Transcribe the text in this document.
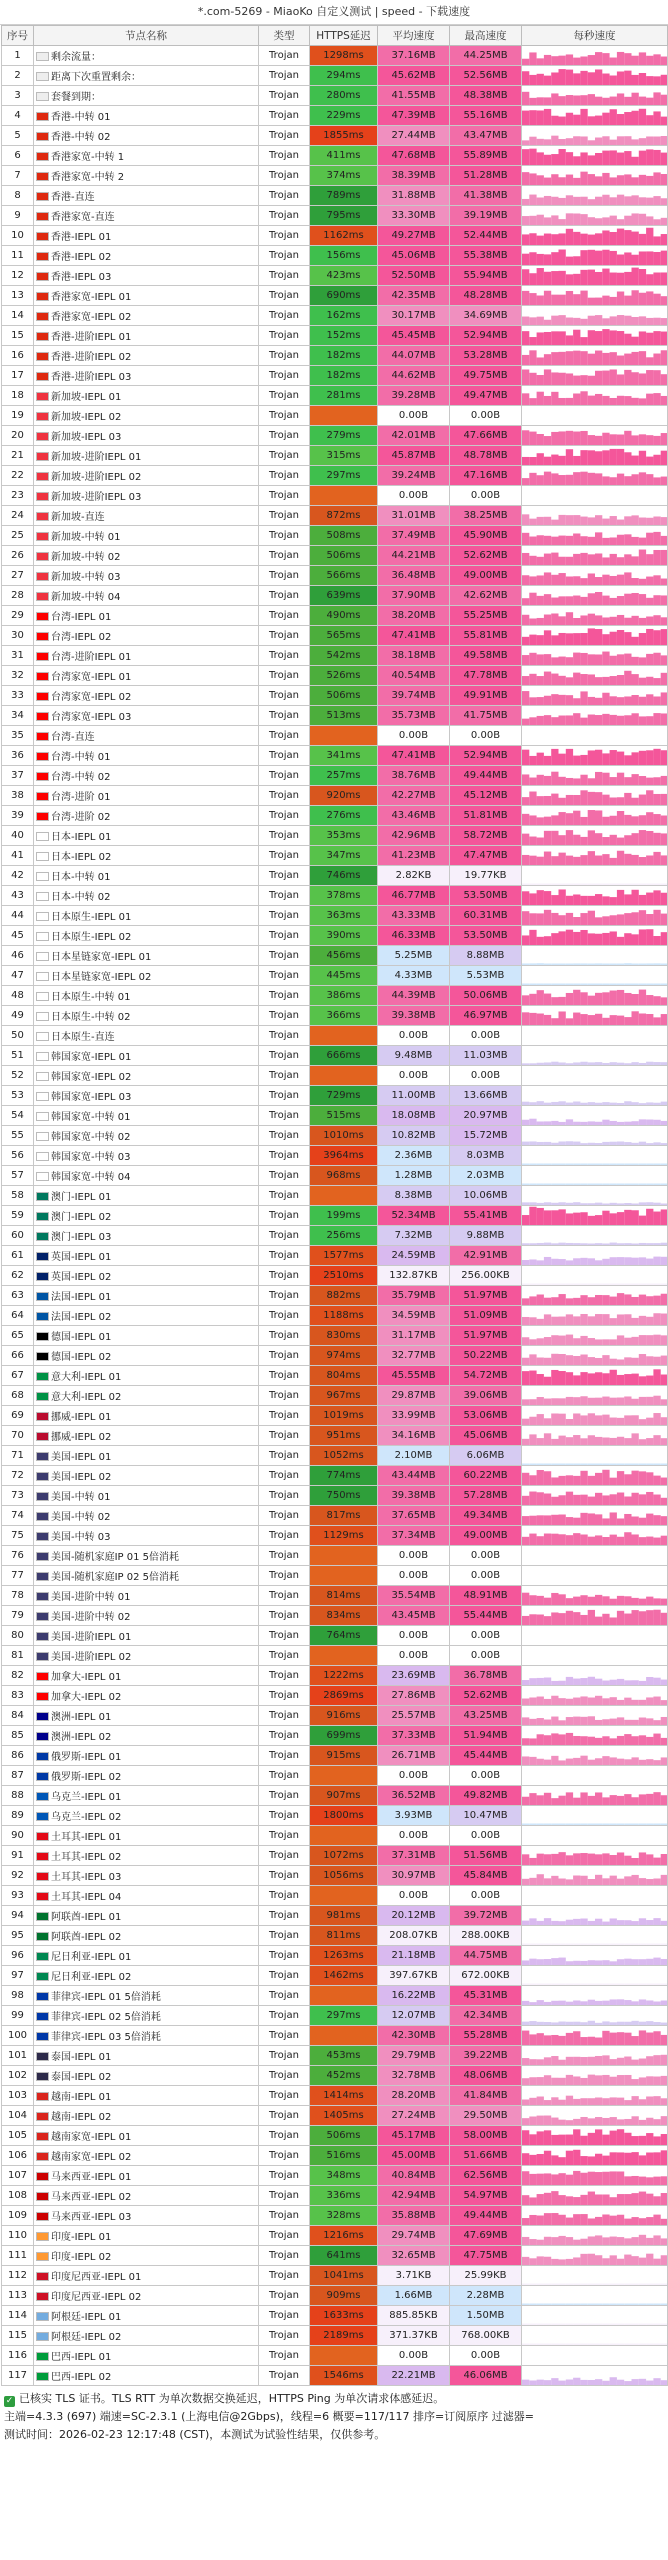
*.com-5269 - MiaoKo 自定义测试 | speed - 下载速度
序号	节点名称	类型	HTTPS延迟	平均速度	最高速度	每秒速度
1	剩余流量：	Trojan	1298ms	37.16MB	44.25MB	

2	距离下次重置剩余：	Trojan	294ms	45.62MB	52.56MB	

3	套餐到期：	Trojan	280ms	41.55MB	48.38MB	

4	香港-中转 01	Trojan	229ms	47.39MB	55.16MB	

5	香港-中转 02	Trojan	1855ms	27.44MB	43.47MB	

6	香港家宽-中转 1	Trojan	411ms	47.68MB	55.89MB	

7	香港家宽-中转 2	Trojan	374ms	38.39MB	51.28MB	

8	香港-直连	Trojan	789ms	31.88MB	41.38MB	

9	香港家宽-直连	Trojan	795ms	33.30MB	39.19MB	

10	香港-IEPL 01	Trojan	1162ms	49.27MB	52.44MB	

11	香港-IEPL 02	Trojan	156ms	45.06MB	55.38MB	

12	香港-IEPL 03	Trojan	423ms	52.50MB	55.94MB	

13	香港家宽-IEPL 01	Trojan	690ms	42.35MB	48.28MB	

14	香港家宽-IEPL 02	Trojan	162ms	30.17MB	34.69MB	

15	香港-进阶IEPL 01	Trojan	152ms	45.45MB	52.94MB	

16	香港-进阶IEPL 02	Trojan	182ms	44.07MB	53.28MB	

17	香港-进阶IEPL 03	Trojan	182ms	44.62MB	49.75MB	

18	新加坡-IEPL 01	Trojan	281ms	39.28MB	49.47MB	

19	新加坡-IEPL 02	Trojan		0.00B	0.00B	

20	新加坡-IEPL 03	Trojan	279ms	42.01MB	47.66MB	

21	新加坡-进阶IEPL 01	Trojan	315ms	45.87MB	48.78MB	

22	新加坡-进阶IEPL 02	Trojan	297ms	39.24MB	47.16MB	

23	新加坡-进阶IEPL 03	Trojan		0.00B	0.00B	

24	新加坡-直连	Trojan	872ms	31.01MB	38.25MB	

25	新加坡-中转 01	Trojan	508ms	37.49MB	45.90MB	

26	新加坡-中转 02	Trojan	506ms	44.21MB	52.62MB	

27	新加坡-中转 03	Trojan	566ms	36.48MB	49.00MB	

28	新加坡-中转 04	Trojan	639ms	37.90MB	42.62MB	

29	台湾-IEPL 01	Trojan	490ms	38.20MB	55.25MB	

30	台湾-IEPL 02	Trojan	565ms	47.41MB	55.81MB	

31	台湾-进阶IEPL 01	Trojan	542ms	38.18MB	49.58MB	

32	台湾家宽-IEPL 01	Trojan	526ms	40.54MB	47.78MB	

33	台湾家宽-IEPL 02	Trojan	506ms	39.74MB	49.91MB	

34	台湾家宽-IEPL 03	Trojan	513ms	35.73MB	41.75MB	

35	台湾-直连	Trojan		0.00B	0.00B	

36	台湾-中转 01	Trojan	341ms	47.41MB	52.94MB	

37	台湾-中转 02	Trojan	257ms	38.76MB	49.44MB	

38	台湾-进阶 01	Trojan	920ms	42.27MB	45.12MB	

39	台湾-进阶 02	Trojan	276ms	43.46MB	51.81MB	

40	日本-IEPL 01	Trojan	353ms	42.96MB	58.72MB	

41	日本-IEPL 02	Trojan	347ms	41.23MB	47.47MB	

42	日本-中转 01	Trojan	746ms	2.82KB	19.77KB	

43	日本-中转 02	Trojan	378ms	46.77MB	53.50MB	

44	日本原生-IEPL 01	Trojan	363ms	43.33MB	60.31MB	

45	日本原生-IEPL 02	Trojan	390ms	46.33MB	53.50MB	

46	日本星链家宽-IEPL 01	Trojan	456ms	5.25MB	8.88MB	

47	日本星链家宽-IEPL 02	Trojan	445ms	4.33MB	5.53MB	

48	日本原生-中转 01	Trojan	386ms	44.39MB	50.06MB	

49	日本原生-中转 02	Trojan	366ms	39.38MB	46.97MB	

50	日本原生-直连	Trojan		0.00B	0.00B	

51	韩国家宽-IEPL 01	Trojan	666ms	9.48MB	11.03MB	

52	韩国家宽-IEPL 02	Trojan		0.00B	0.00B	

53	韩国家宽-IEPL 03	Trojan	729ms	11.00MB	13.66MB	

54	韩国家宽-中转 01	Trojan	515ms	18.08MB	20.97MB	

55	韩国家宽-中转 02	Trojan	1010ms	10.82MB	15.72MB	

56	韩国家宽-中转 03	Trojan	3964ms	2.36MB	8.03MB	

57	韩国家宽-中转 04	Trojan	968ms	1.28MB	2.03MB	

58	澳门-IEPL 01	Trojan		8.38MB	10.06MB	

59	澳门-IEPL 02	Trojan	199ms	52.34MB	55.41MB	

60	澳门-IEPL 03	Trojan	256ms	7.32MB	9.88MB	

61	英国-IEPL 01	Trojan	1577ms	24.59MB	42.91MB	

62	英国-IEPL 02	Trojan	2510ms	132.87KB	256.00KB	

63	法国-IEPL 01	Trojan	882ms	35.79MB	51.97MB	

64	法国-IEPL 02	Trojan	1188ms	34.59MB	51.09MB	

65	德国-IEPL 01	Trojan	830ms	31.17MB	51.97MB	

66	德国-IEPL 02	Trojan	974ms	32.77MB	50.22MB	

67	意大利-IEPL 01	Trojan	804ms	45.55MB	54.72MB	

68	意大利-IEPL 02	Trojan	967ms	29.87MB	39.06MB	

69	挪威-IEPL 01	Trojan	1019ms	33.99MB	53.06MB	

70	挪威-IEPL 02	Trojan	951ms	34.16MB	45.06MB	

71	美国-IEPL 01	Trojan	1052ms	2.10MB	6.06MB	

72	美国-IEPL 02	Trojan	774ms	43.44MB	60.22MB	

73	美国-中转 01	Trojan	750ms	39.38MB	57.28MB	

74	美国-中转 02	Trojan	817ms	37.65MB	49.34MB	

75	美国-中转 03	Trojan	1129ms	37.34MB	49.00MB	

76	美国-随机家庭IP 01 5倍消耗	Trojan		0.00B	0.00B	

77	美国-随机家庭IP 02 5倍消耗	Trojan		0.00B	0.00B	

78	美国-进阶中转 01	Trojan	814ms	35.54MB	48.91MB	

79	美国-进阶中转 02	Trojan	834ms	43.45MB	55.44MB	

80	美国-进阶IEPL 01	Trojan	764ms	0.00B	0.00B	

81	美国-进阶IEPL 02	Trojan		0.00B	0.00B	

82	加拿大-IEPL 01	Trojan	1222ms	23.69MB	36.78MB	

83	加拿大-IEPL 02	Trojan	2869ms	27.86MB	52.62MB	

84	澳洲-IEPL 01	Trojan	916ms	25.57MB	43.25MB	

85	澳洲-IEPL 02	Trojan	699ms	37.33MB	51.94MB	

86	俄罗斯-IEPL 01	Trojan	915ms	26.71MB	45.44MB	

87	俄罗斯-IEPL 02	Trojan		0.00B	0.00B	

88	乌克兰-IEPL 01	Trojan	907ms	36.52MB	49.82MB	

89	乌克兰-IEPL 02	Trojan	1800ms	3.93MB	10.47MB	

90	土耳其-IEPL 01	Trojan		0.00B	0.00B	

91	土耳其-IEPL 02	Trojan	1072ms	37.31MB	51.56MB	

92	土耳其-IEPL 03	Trojan	1056ms	30.97MB	45.84MB	

93	土耳其-IEPL 04	Trojan		0.00B	0.00B	

94	阿联酋-IEPL 01	Trojan	981ms	20.12MB	39.72MB	

95	阿联酋-IEPL 02	Trojan	811ms	208.07KB	288.00KB	

96	尼日利亚-IEPL 01	Trojan	1263ms	21.18MB	44.75MB	

97	尼日利亚-IEPL 02	Trojan	1462ms	397.67KB	672.00KB	

98	菲律宾-IEPL 01 5倍消耗	Trojan		16.22MB	45.31MB	

99	菲律宾-IEPL 02 5倍消耗	Trojan	297ms	12.07MB	42.34MB	

100	菲律宾-IEPL 03 5倍消耗	Trojan		42.30MB	55.28MB	

101	泰国-IEPL 01	Trojan	453ms	29.79MB	39.22MB	

102	泰国-IEPL 02	Trojan	452ms	32.78MB	48.06MB	

103	越南-IEPL 01	Trojan	1414ms	28.20MB	41.84MB	

104	越南-IEPL 02	Trojan	1405ms	27.24MB	29.50MB	

105	越南家宽-IEPL 01	Trojan	506ms	45.17MB	58.00MB	

106	越南家宽-IEPL 02	Trojan	516ms	45.00MB	51.66MB	

107	马来西亚-IEPL 01	Trojan	348ms	40.84MB	62.56MB	

108	马来西亚-IEPL 02	Trojan	336ms	42.94MB	54.97MB	

109	马来西亚-IEPL 03	Trojan	328ms	35.88MB	49.44MB	

110	印度-IEPL 01	Trojan	1216ms	29.74MB	47.69MB	

111	印度-IEPL 02	Trojan	641ms	32.65MB	47.75MB	

112	印度尼西亚-IEPL 01	Trojan	1041ms	3.71KB	25.99KB	

113	印度尼西亚-IEPL 02	Trojan	909ms	1.66MB	2.28MB	

114	阿根廷-IEPL 01	Trojan	1633ms	885.85KB	1.50MB	

115	阿根廷-IEPL 02	Trojan	2189ms	371.37KB	768.00KB	

116	巴西-IEPL 01	Trojan		0.00B	0.00B	

117	巴西-IEPL 02	Trojan	1546ms	22.21MB	46.06MB	
✓ 已核实 TLS 证书。TLS RTT 为单次数据交换延迟，HTTPS Ping 为单次请求体感延迟。
主端=4.3.3 (697) 端速=SC-2.3.1 (上海电信@2Gbps)，线程=6 概要=117/117 排序=订阅原序 过滤器=
测试时间：2026-02-23 12:17:48 (CST)，本测试为试验性结果，仅供参考。
